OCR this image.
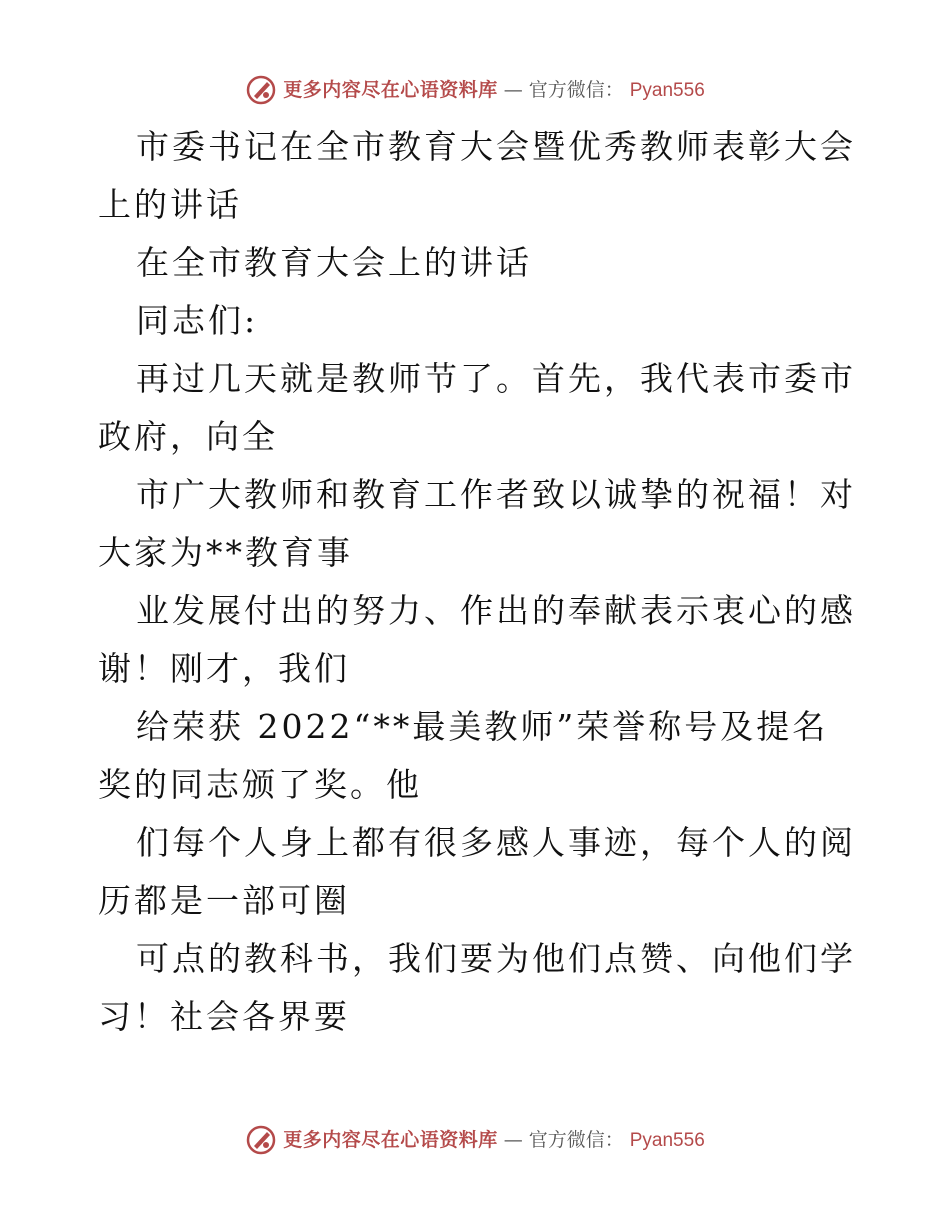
更多内容尽在心语资料库 — 官方微信： Pyan556

市委书记在全市教育大会暨优秀教师表彰大会上的讲话

在全市教育大会上的讲话

同志们:

再过几天就是教师节了。首先，我代表市委市政府，向全

市广大教师和教育工作者致以诚挚的祝福！对大家为**教育事

业发展付出的努力、作出的奉献表示衷心的感谢！刚才，我们

给荣获 2022“**最美教师”荣誉称号及提名奖的同志颁了奖。他

们每个人身上都有很多感人事迹，每个人的阅历都是一部可圈

可点的教科书，我们要为他们点赞、向他们学习！社会各界要

更多内容尽在心语资料库 — 官方微信： Pyan556
